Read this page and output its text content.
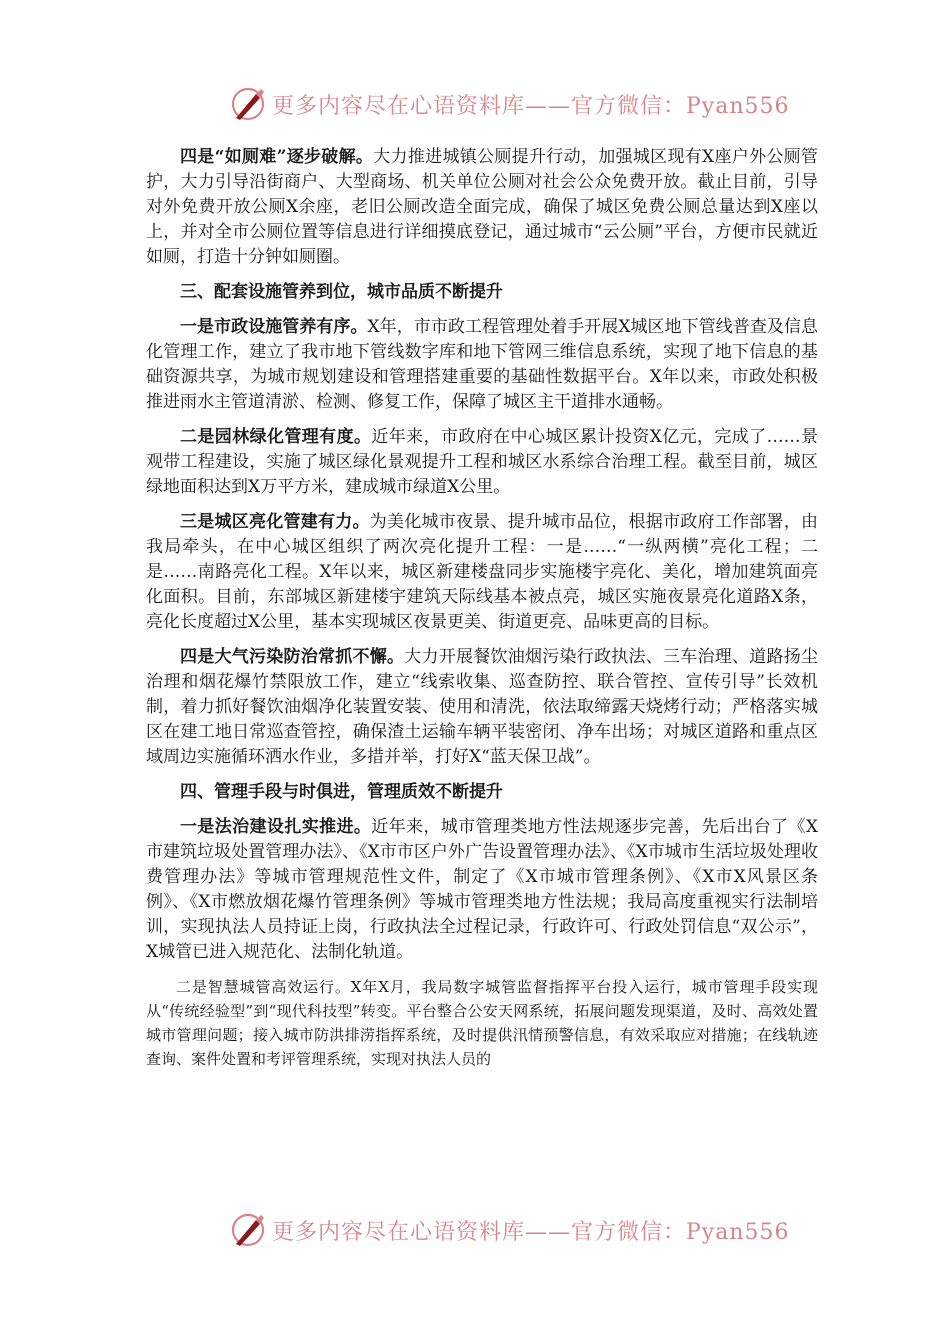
更多内容尽在心语资料库——官方微信：Pyan556

四是“如厕难”逐步破解。大力推进城镇公厕提升行动，加强城区现有X座户外公厕管护，大力引导沿街商户、大型商场、机关单位公厕对社会公众免费开放。截止目前，引导对外免费开放公厕X余座，老旧公厕改造全面完成，确保了城区免费公厕总量达到X座以上，并对全市公厕位置等信息进行详细摸底登记，通过城市“云公厕”平台，方便市民就近如厕，打造十分钟如厕圈。

三、配套设施管养到位，城市品质不断提升

一是市政设施管养有序。X年，市市政工程管理处着手开展X城区地下管线普查及信息化管理工作，建立了我市地下管线数字库和地下管网三维信息系统，实现了地下信息的基础资源共享，为城市规划建设和管理搭建重要的基础性数据平台。X年以来，市政处积极推进雨水主管道清淤、检测、修复工作，保障了城区主干道排水通畅。

二是园林绿化管理有度。近年来，市政府在中心城区累计投资X亿元，完成了……景观带工程建设，实施了城区绿化景观提升工程和城区水系综合治理工程。截至目前，城区绿地面积达到X万平方米，建成城市绿道X公里。

三是城区亮化管建有力。为美化城市夜景、提升城市品位，根据市政府工作部署，由我局牵头，在中心城区组织了两次亮化提升工程：一是……“一纵两横”亮化工程；二是……南路亮化工程。X年以来，城区新建楼盘同步实施楼宇亮化、美化，增加建筑面亮化面积。目前，东部城区新建楼宇建筑天际线基本被点亮，城区实施夜景亮化道路X条，亮化长度超过X公里，基本实现城区夜景更美、街道更亮、品味更高的目标。

四是大气污染防治常抓不懈。大力开展餐饮油烟污染行政执法、三车治理、道路扬尘治理和烟花爆竹禁限放工作，建立“线索收集、巡查防控、联合管控、宣传引导”长效机制，着力抓好餐饮油烟净化装置安装、使用和清洗，依法取缔露天烧烤行动；严格落实城区在建工地日常巡查管控，确保渣土运输车辆平装密闭、净车出场；对城区道路和重点区域周边实施循环洒水作业，多措并举，打好X“蓝天保卫战”。

四、管理手段与时俱进，管理质效不断提升

一是法治建设扎实推进。近年来，城市管理类地方性法规逐步完善，先后出台了《X市建筑垃圾处置管理办法》、《X市市区户外广告设置管理办法》、《X市城市生活垃圾处理收费管理办法》等城市管理规范性文件，制定了《X市城市管理条例》、《X市X风景区条例》、《X市燃放烟花爆竹管理条例》等城市管理类地方性法规；我局高度重视实行法制培训，实现执法人员持证上岗，行政执法全过程记录，行政许可、行政处罚信息“双公示”，X城管已进入规范化、法制化轨道。

二是智慧城管高效运行。X年X月，我局数字城管监督指挥平台投入运行，城市管理手段实现从“传统经验型”到“现代科技型”转变。平台整合公安天网系统，拓展问题发现渠道，及时、高效处置城市管理问题；接入城市防洪排涝指挥系统，及时提供汛情预警信息，有效采取应对措施；在线轨迹查询、案件处置和考评管理系统，实现对执法人员的

更多内容尽在心语资料库——官方微信：Pyan556
